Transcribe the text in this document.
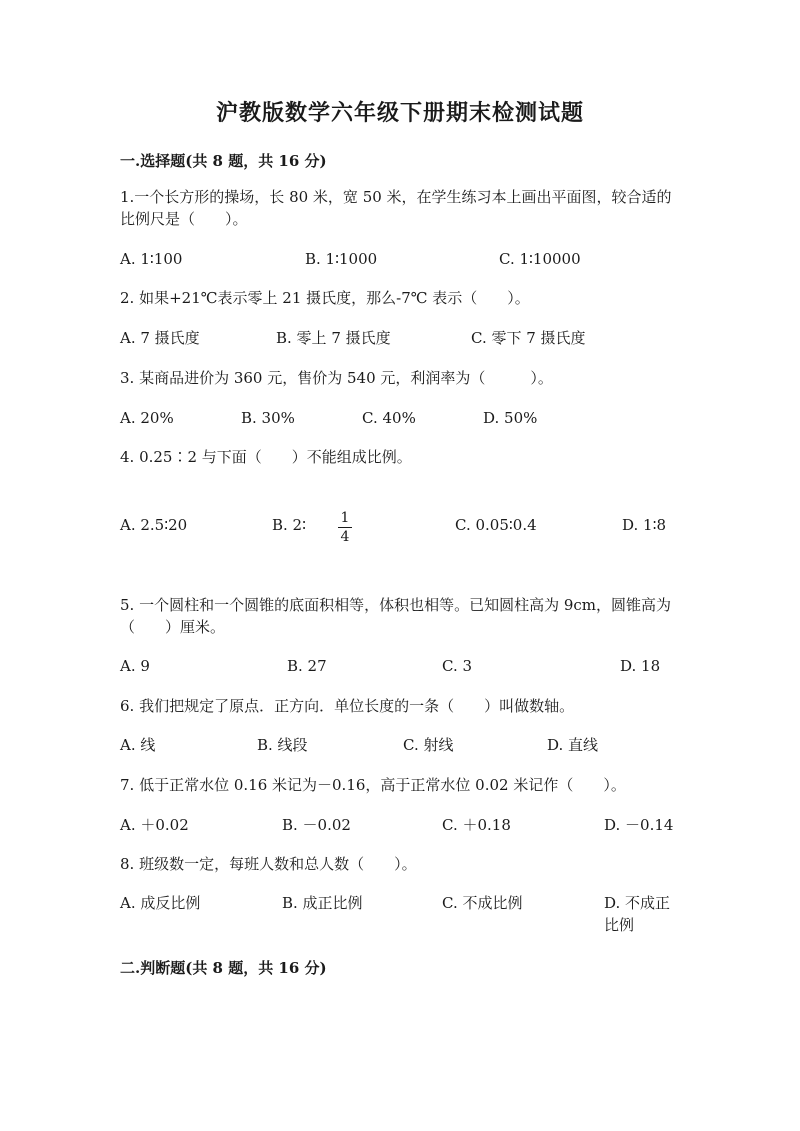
沪教版数学六年级下册期末检测试题
一.选择题(共 8 题，共 16 分)
1.一个长方形的操场，长 80 米，宽 50 米，在学生练习本上画出平面图，较合适的比例尺是（　　）。
A. 1∶100	B. 1∶1000	C. 1∶10000
2. 如果+21℃表示零上 21 摄氏度，那么-7℃ 表示（　　）。
A. 7 摄氏度	B. 零上 7 摄氏度	C. 零下 7 摄氏度
3. 某商品进价为 360 元，售价为 540 元，利润率为（　　　）。
A. 20%	B. 30%	C. 40%	D. 50%
4. 0.25∶2 与下面（　　）不能组成比例。
A. 2.5∶20	B. 2∶ 1
4
C. 0.05∶0.4	D. 1∶8
5. 一个圆柱和一个圆锥的底面积相等，体积也相等。已知圆柱高为 9cm，圆锥高为（　　）厘米。
A. 9	B. 27	C. 3	D. 18
6. 我们把规定了原点．正方向．单位长度的一条（　　）叫做数轴。
A. 线	B. 线段	C. 射线	D. 直线
7. 低于正常水位 0.16 米记为－0.16，高于正常水位 0.02 米记作（　　）。
A. ＋0.02	B. －0.02	C. ＋0.18	D. －0.14
8. 班级数一定，每班人数和总人数（　　）。
A. 成反比例	B. 成正比例	C. 不成比例	D. 不成正比例
二.判断题(共 8 题，共 16 分)
